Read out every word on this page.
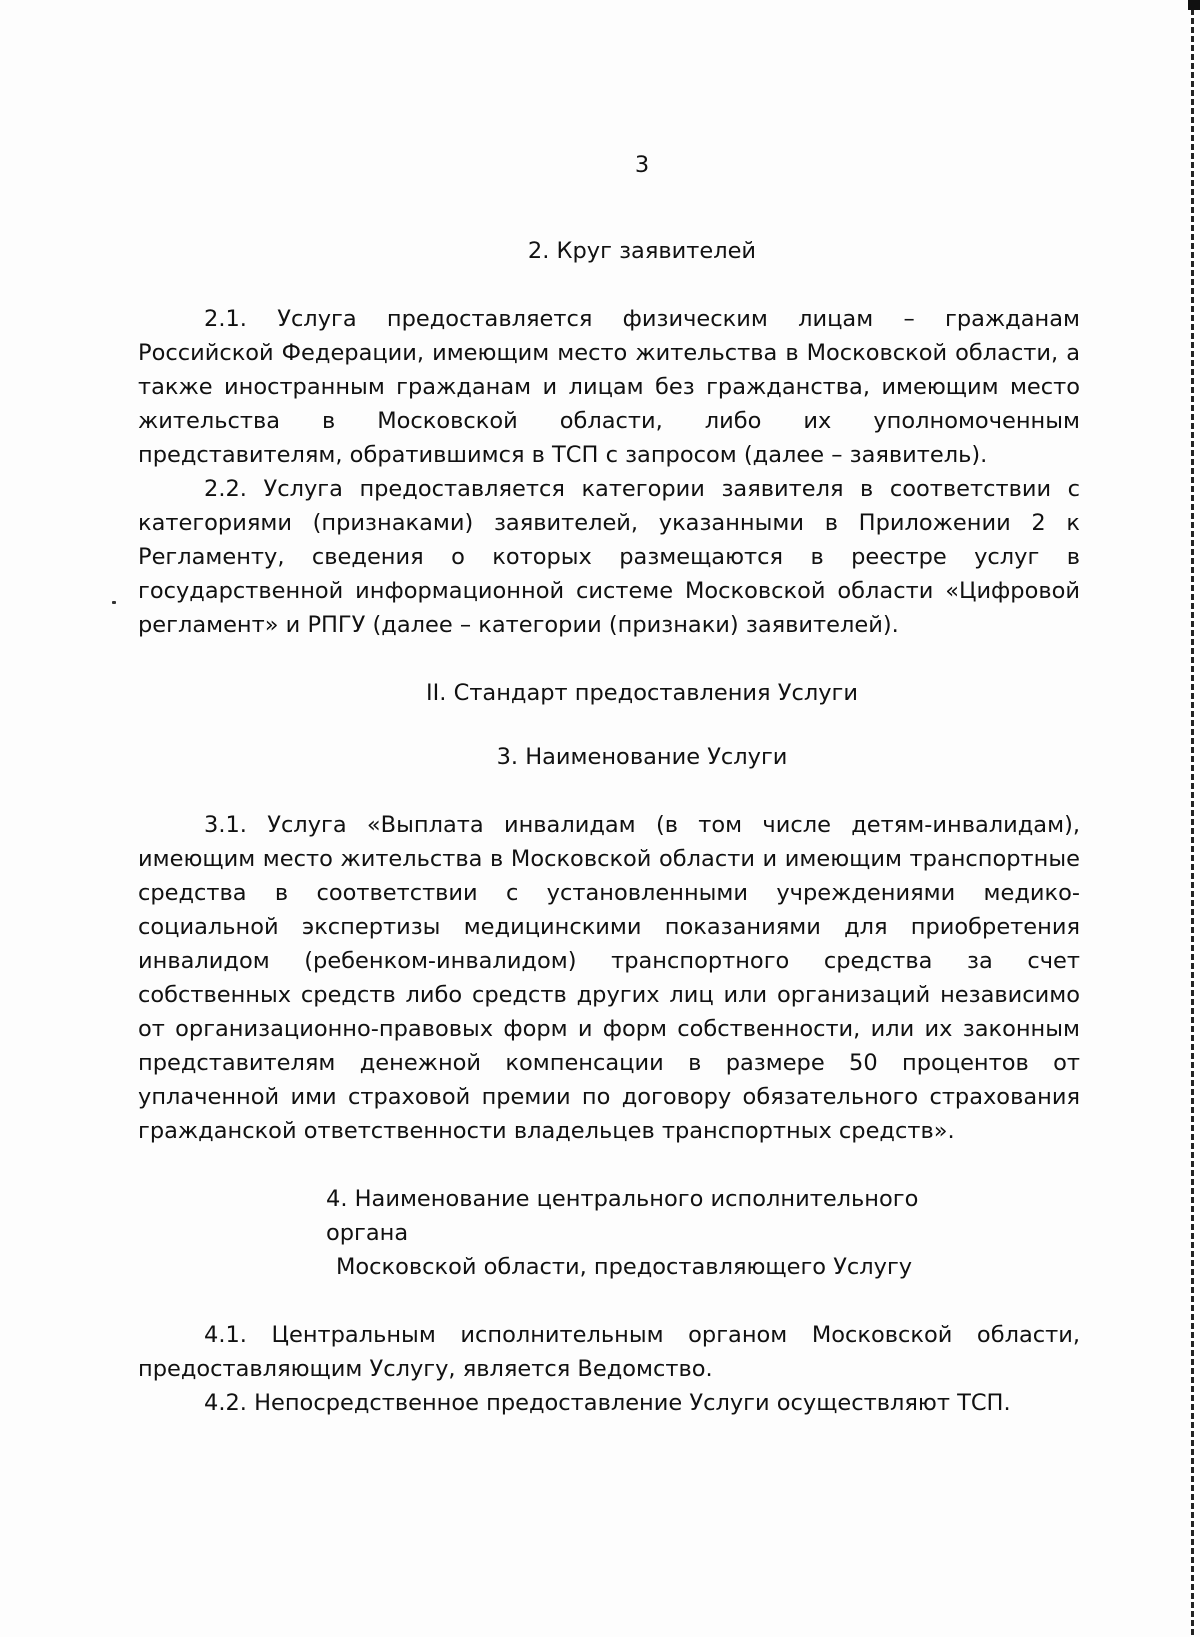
3

2. Круг заявителей

2.1. Услуга предоставляется физическим лицам – гражданам Российской Федерации, имеющим место жительства в Московской области, а также иностранным гражданам и лицам без гражданства, имеющим место жительства в Московской области, либо их уполномоченным представителям, обратившимся в ТСП с запросом (далее – заявитель).

2.2. Услуга предоставляется категории заявителя в соответствии с категориями (признаками) заявителей, указанными в Приложении 2 к Регламенту, сведения о которых размещаются в реестре услуг в государственной информационной системе Московской области «Цифровой регламент» и РПГУ (далее – категории (признаки) заявителей).

II. Стандарт предоставления Услуги

3. Наименование Услуги

3.1. Услуга «Выплата инвалидам (в том числе детям-инвалидам), имеющим место жительства в Московской области и имеющим транспортные средства в соответствии с установленными учреждениями медико-социальной экспертизы медицинскими показаниями для приобретения инвалидом (ребенком-инвалидом) транспортного средства за счет собственных средств либо средств других лиц или организаций независимо от организационно-правовых форм и форм собственности, или их законным представителям денежной компенсации в размере 50 процентов от уплаченной ими страховой премии по договору обязательного страхования гражданской ответственности владельцев транспортных средств».

4. Наименование центрального исполнительного органа

Московской области, предоставляющего Услугу

4.1. Центральным исполнительным органом Московской области, предоставляющим Услугу, является Ведомство.

4.2. Непосредственное предоставление Услуги осуществляют ТСП.
